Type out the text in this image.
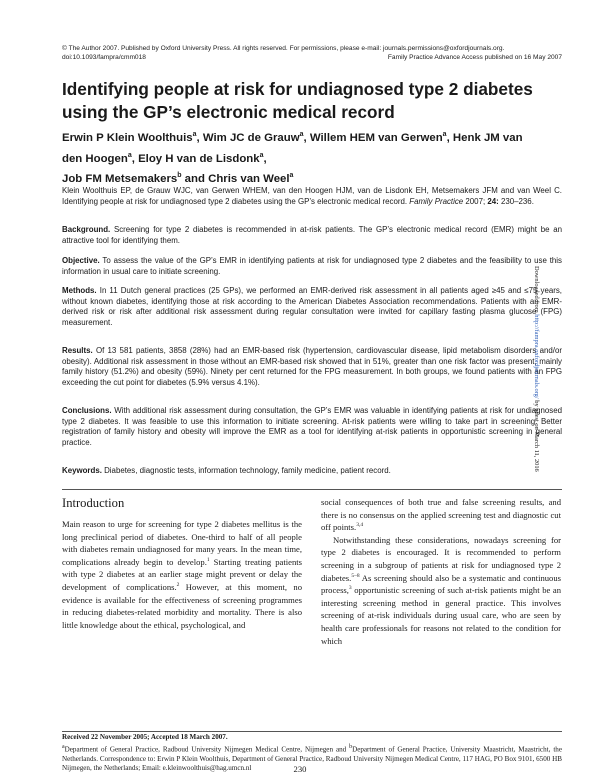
© The Author 2007. Published by Oxford University Press. All rights reserved. For permissions, please e-mail: journals.permissions@oxfordjournals.org.
doi:10.1093/fampra/cmm018	Family Practice Advance Access published on 16 May 2007
Identifying people at risk for undiagnosed type 2 diabetes using the GP’s electronic medical record
Erwin P Klein Woolthuis$^a$, Wim JC de Grauw$^a$, Willem HEM van Gerwen$^a$, Henk JM van den Hoogen$^a$, Eloy H van de Lisdonk$^a$,
Job FM Metsemakers$^b$ and Chris van Weel$^a$
Klein Woolthuis EP, de Grauw WJC, van Gerwen WHEM, van den Hoogen HJM, van de Lisdonk EH, Metsemakers JFM and van Weel C. Identifying people at risk for undiagnosed type 2 diabetes using the GP’s electronic medical record. Family Practice 2007; 24: 230–236.
Background. Screening for type 2 diabetes is recommended in at-risk patients. The GP’s electronic medical record (EMR) might be an attractive tool for identifying them.
Objective. To assess the value of the GP’s EMR in identifying patients at risk for undiagnosed type 2 diabetes and the feasibility to use this information in usual care to initiate screening.
Methods. In 11 Dutch general practices (25 GPs), we performed an EMR-derived risk assessment in all patients aged ≥45 and ≤75 years, without known diabetes, identifying those at risk according to the American Diabetes Association recommendations. Patients with an EMR-derived risk or risk after additional risk assessment during regular consultation were invited for capillary fasting plasma glucose (FPG) measurement.
Results. Of 13 581 patients, 3858 (28%) had an EMR-based risk (hypertension, cardiovascular disease, lipid metabolism disorders and/or obesity). Additional risk assessment in those without an EMR-based risk showed that in 51%, greater than one risk factor was present, mainly family history (51.2%) and obesity (59%). Ninety per cent returned for the FPG measurement. In both groups, we found patients with an FPG exceeding the cut point for diabetes (5.9% versus 4.1%).
Conclusions. With additional risk assessment during consultation, the GP’s EMR was valuable in identifying patients at risk for undiagnosed type 2 diabetes. It was feasible to use this information to initiate screening. At-risk patients were willing to take part in screening. Better registration of family history and obesity will improve the EMR as a tool for identifying at-risk patients in opportunistic screening in general practice.
Keywords. Diabetes, diagnostic tests, information technology, family medicine, patient record.
Introduction

Main reason to urge for screening for type 2 diabetes mellitus is the long preclinical period of diabetes. One-third to half of all people with diabetes remain undiagnosed for many years. In the mean time, complications already begin to develop.$^1$ Starting treating patients with type 2 diabetes at an earlier stage might prevent or delay the development of complications.$^2$ However, at this moment, no evidence is available for the effectiveness of screening programmes in reducing diabetes-related morbidity and mortality. There is also little knowledge about the ethical, psychological, and

social consequences of both true and false screening results, and there is no consensus on the applied screening test and diagnostic cut off points.$^{3,4}$

Notwithstanding these considerations, nowadays screening for type 2 diabetes is encouraged. It is recommended to perform screening in a subgroup of patients at risk for undiagnosed type 2 diabetes.$^{5-8}$ As screening should also be a systematic and continuous process,$^3$ opportunistic screening of such at-risk patients might be an interesting screening method in general practice. This involves screening of at-risk individuals during usual care, who are seen by health care professionals for reasons not related to the condition for which

Received 22 November 2005; Accepted 18 March 2007.
$^a$Department of General Practice, Radboud University Nijmegen Medical Centre, Nijmegen and $^b$Department of General Practice, University Maastricht, Maastricht, the Netherlands. Correspondence to: Erwin P Klein Woolthuis, Department of General Practice, Radboud University Nijmegen Medical Centre, 117 HAG, PO Box 9101, 6500 HB Nijmegen, the Netherlands; Email: e.kleinwoolthuis@hag.umcn.nl	230
Downloaded from http://fampra.oxfordjournals.org/ by guest on March 11, 2016
